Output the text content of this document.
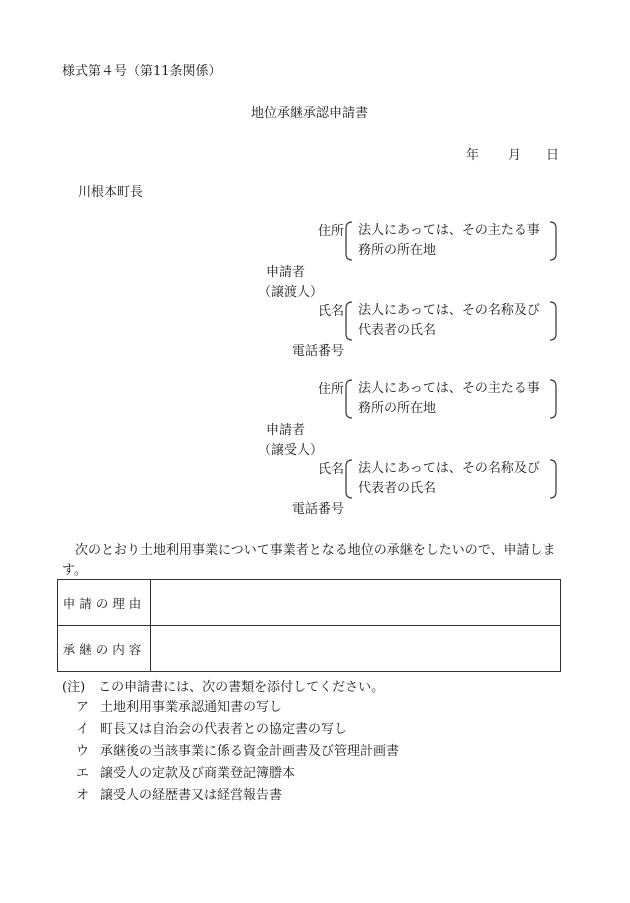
様式第４号（第11条関係）
地位承継承認申請書
年 月 日
川根本町長
住所 法人にあっては、その主たる事
務所の所在地
申請者
（譲渡人）
氏名 法人にあっては、その名称及び
代表者の氏名
電話番号
住所 法人にあっては、その主たる事
務所の所在地
申請者
（譲受人）
氏名 法人にあっては、その名称及び
代表者の氏名
電話番号
次のとおり土地利用事業について事業者となる地位の承継をしたいので、申請します。
申請の理由	
承継の内容	
(注)　この申請書には、次の書類を添付してください。
ア 土地利用事業承認通知書の写し
イ 町長又は自治会の代表者との協定書の写し
ウ 承継後の当該事業に係る資金計画書及び管理計画書
エ 譲受人の定款及び商業登記簿謄本
オ 譲受人の経歴書又は経営報告書
